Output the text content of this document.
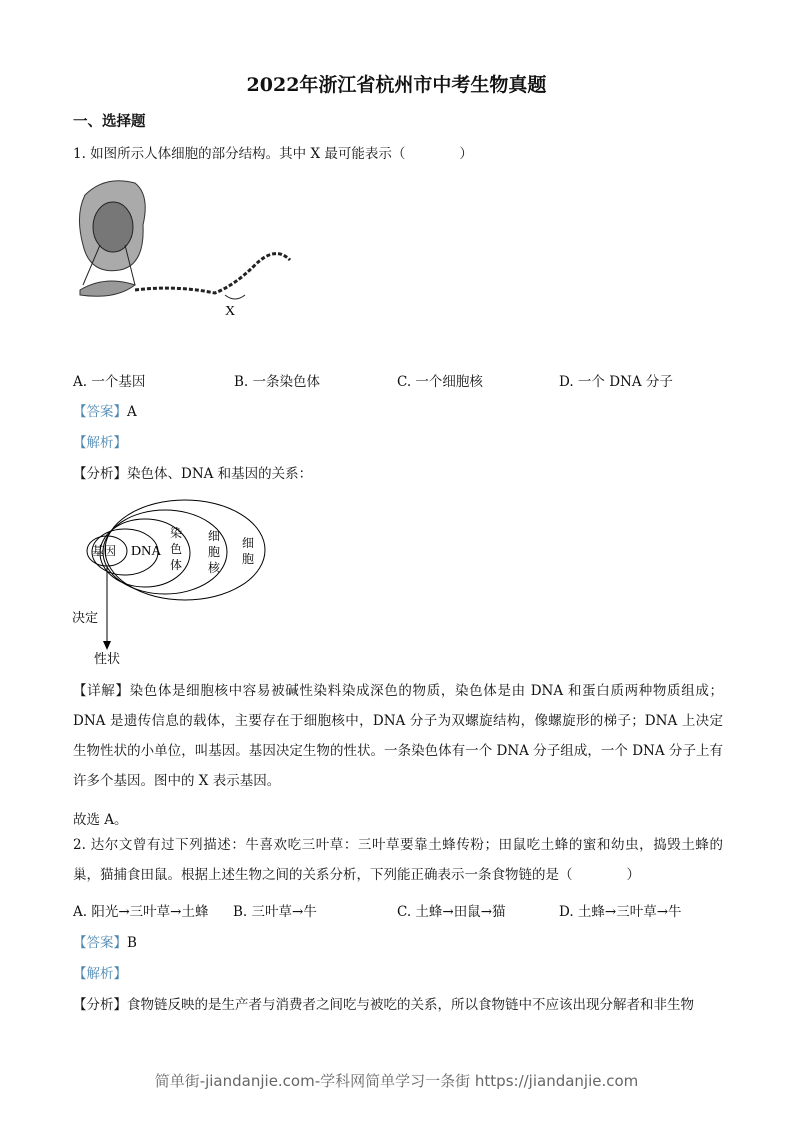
2022年浙江省杭州市中考生物真题
一、选择题
1. 如图所示人体细胞的部分结构。其中 X 最可能表示（　　　　）
X
A. 一个基因	B. 一条染色体	C. 一个细胞核	D. 一个 DNA 分子
【答案】A
【解析】
【分析】染色体、DNA 和基因的关系：
基因 DNA
染色体
细胞核
细胞
决定
性状
【详解】染色体是细胞核中容易被碱性染料染成深色的物质，染色体是由 DNA 和蛋白质两种物质组成；DNA 是遗传信息的载体，主要存在于细胞核中，DNA 分子为双螺旋结构，像螺旋形的梯子；DNA 上决定生物性状的小单位，叫基因。基因决定生物的性状。一条染色体有一个 DNA 分子组成，一个 DNA 分子上有许多个基因。图中的 X 表示基因。
故选 A。
2. 达尔文曾有过下列描述：牛喜欢吃三叶草：三叶草要靠土蜂传粉；田鼠吃土蜂的蜜和幼虫，捣毁土蜂的巢，猫捕食田鼠。根据上述生物之间的关系分析，下列能正确表示一条食物链的是（　　　　）
A. 阳光→三叶草→土蜂 B. 三叶草→牛	C. 土蜂→田鼠→猫	D. 土蜂→三叶草→牛
【答案】B
【解析】
【分析】食物链反映的是生产者与消费者之间吃与被吃的关系，所以食物链中不应该出现分解者和非生物
简单街-jiandanjie.com-学科网简单学习一条街 https://jiandanjie.com
